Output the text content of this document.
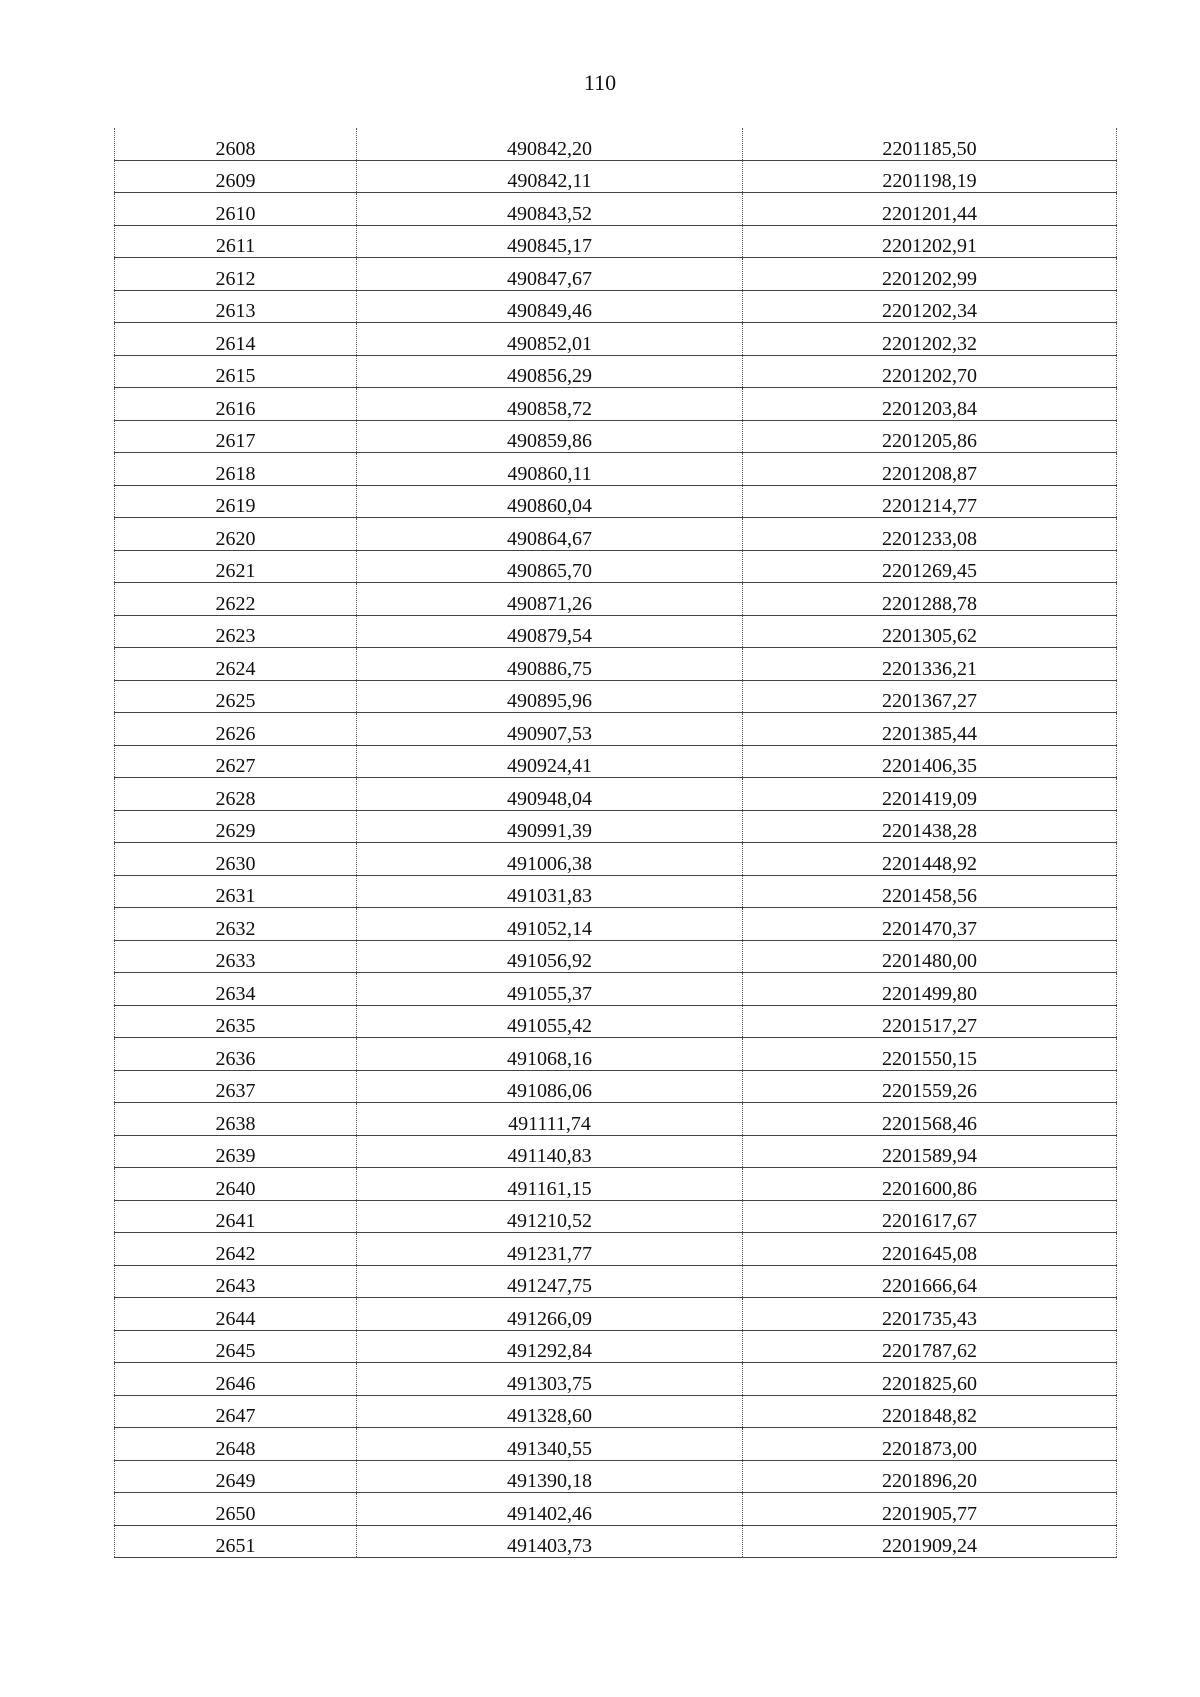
110
2608	490842,20	2201185,50
2609	490842,11	2201198,19
2610	490843,52	2201201,44
2611	490845,17	2201202,91
2612	490847,67	2201202,99
2613	490849,46	2201202,34
2614	490852,01	2201202,32
2615	490856,29	2201202,70
2616	490858,72	2201203,84
2617	490859,86	2201205,86
2618	490860,11	2201208,87
2619	490860,04	2201214,77
2620	490864,67	2201233,08
2621	490865,70	2201269,45
2622	490871,26	2201288,78
2623	490879,54	2201305,62
2624	490886,75	2201336,21
2625	490895,96	2201367,27
2626	490907,53	2201385,44
2627	490924,41	2201406,35
2628	490948,04	2201419,09
2629	490991,39	2201438,28
2630	491006,38	2201448,92
2631	491031,83	2201458,56
2632	491052,14	2201470,37
2633	491056,92	2201480,00
2634	491055,37	2201499,80
2635	491055,42	2201517,27
2636	491068,16	2201550,15
2637	491086,06	2201559,26
2638	491111,74	2201568,46
2639	491140,83	2201589,94
2640	491161,15	2201600,86
2641	491210,52	2201617,67
2642	491231,77	2201645,08
2643	491247,75	2201666,64
2644	491266,09	2201735,43
2645	491292,84	2201787,62
2646	491303,75	2201825,60
2647	491328,60	2201848,82
2648	491340,55	2201873,00
2649	491390,18	2201896,20
2650	491402,46	2201905,77
2651	491403,73	2201909,24
